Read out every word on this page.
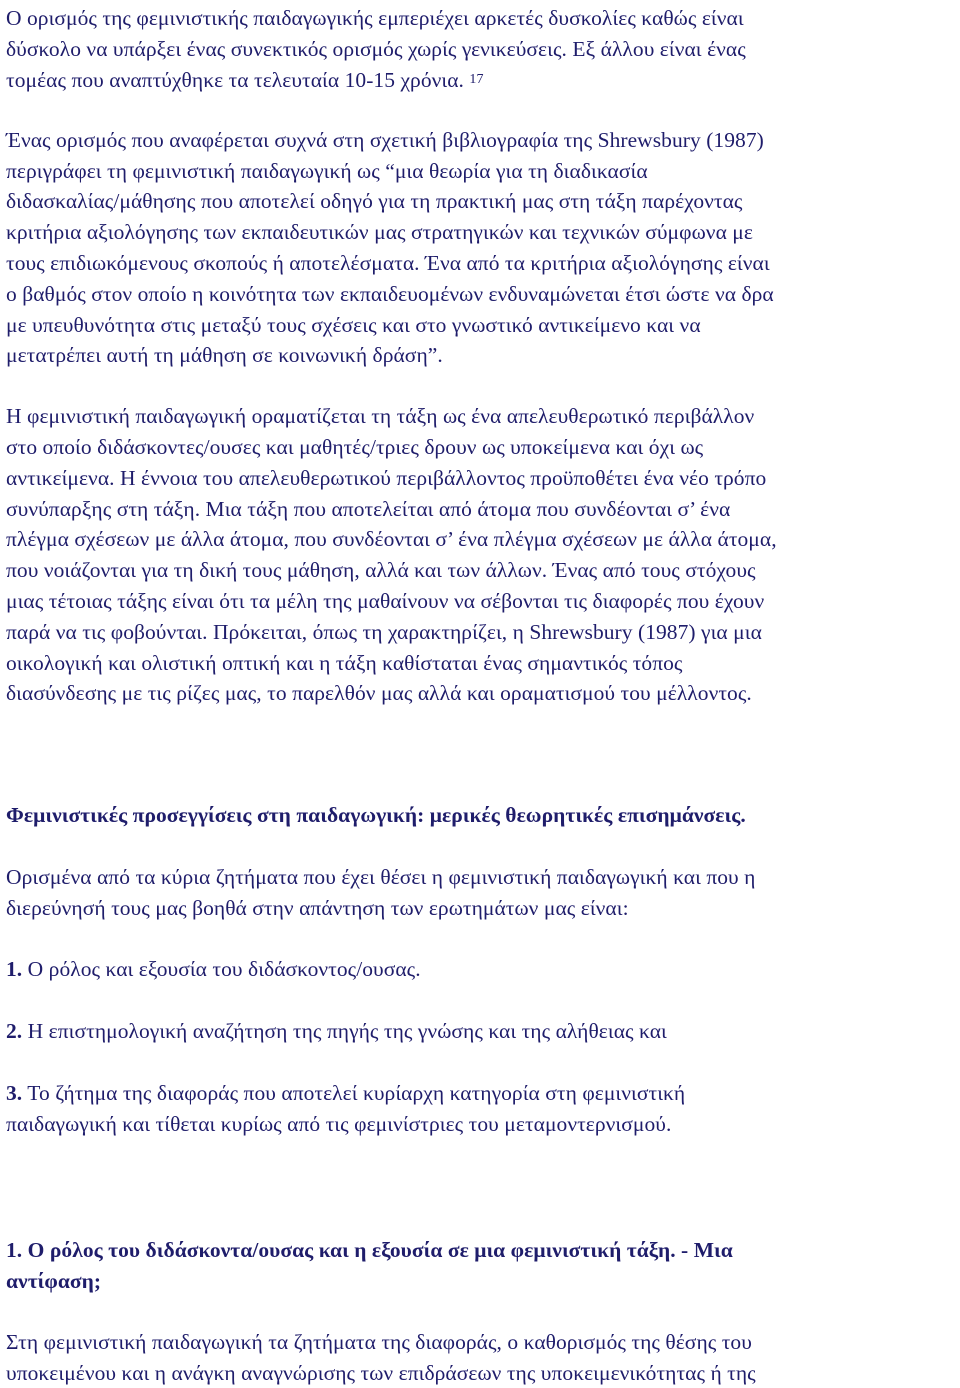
Ο ορισμός της φεμινιστικής παιδαγωγικής εμπεριέχει αρκετές δυσκολίες καθώς είναι
δύσκολο να υπάρξει ένας συνεκτικός ορισμός χωρίς γενικεύσεις. Εξ άλλου είναι ένας
τομέας που αναπτύχθηκε τα τελευταία 10-15 χρόνια. $^{17}$
Ένας ορισμός που αναφέρεται συχνά στη σχετική βιβλιογραφία της Shrewsbury (1987)
περιγράφει τη φεμινιστική παιδαγωγική ως “μια θεωρία για τη διαδικασία
διδασκαλίας/μάθησης που αποτελεί οδηγό για τη πρακτική μας στη τάξη παρέχοντας
κριτήρια αξιολόγησης των εκπαιδευτικών μας στρατηγικών και τεχνικών σύμφωνα με
τους επιδιωκόμενους σκοπούς ή αποτελέσματα. Ένα από τα κριτήρια αξιολόγησης είναι
ο βαθμός στον οποίο η κοινότητα των εκπαιδευομένων ενδυναμώνεται έτσι ώστε να δρα
με υπευθυνότητα στις μεταξύ τους σχέσεις και στο γνωστικό αντικείμενο και να
μετατρέπει αυτή τη μάθηση σε κοινωνική δράση”.
Η φεμινιστική παιδαγωγική οραματίζεται τη τάξη ως ένα απελευθερωτικό περιβάλλον
στο οποίο διδάσκοντες/ουσες και μαθητές/τριες δρουν ως υποκείμενα και όχι ως
αντικείμενα. Η έννοια του απελευθερωτικού περιβάλλοντος προϋποθέτει ένα νέο τρόπο
συνύπαρξης στη τάξη. Μια τάξη που αποτελείται από άτομα που συνδέονται σ’ ένα
πλέγμα σχέσεων με άλλα άτομα, που συνδέονται σ’ ένα πλέγμα σχέσεων με άλλα άτομα,
που νοιάζονται για τη δική τους μάθηση, αλλά και των άλλων. Ένας από τους στόχους
μιας τέτοιας τάξης είναι ότι τα μέλη της μαθαίνουν να σέβονται τις διαφορές που έχουν
παρά να τις φοβούνται. Πρόκειται, όπως τη χαρακτηρίζει, η Shrewsbury (1987) για μια
οικολογική και ολιστική οπτική και η τάξη καθίσταται ένας σημαντικός τόπος
διασύνδεσης με τις ρίζες μας, το παρελθόν μας αλλά και οραματισμού του μέλλοντος.
Φεμινιστικές προσεγγίσεις στη παιδαγωγική: μερικές θεωρητικές επισημάνσεις.
Ορισμένα από τα κύρια ζητήματα που έχει θέσει η φεμινιστική παιδαγωγική και που η
διερεύνησή τους μας βοηθά στην απάντηση των ερωτημάτων μας είναι:
1. Ο ρόλος και εξουσία του διδάσκοντος/ουσας.
2. Η επιστημολογική αναζήτηση της πηγής της γνώσης και της αλήθειας και
3. Το ζήτημα της διαφοράς που αποτελεί κυρίαρχη κατηγορία στη φεμινιστική
παιδαγωγική και τίθεται κυρίως από τις φεμινίστριες του μεταμοντερνισμού.
1. Ο ρόλος του διδάσκοντα/ουσας και η εξουσία σε μια φεμινιστική τάξη. - Μια
αντίφαση;
Στη φεμινιστική παιδαγωγική τα ζητήματα της διαφοράς, ο καθορισμός της θέσης του
υποκειμένου και η ανάγκη αναγνώρισης των επιδράσεων της υποκειμενικότητας ή της
